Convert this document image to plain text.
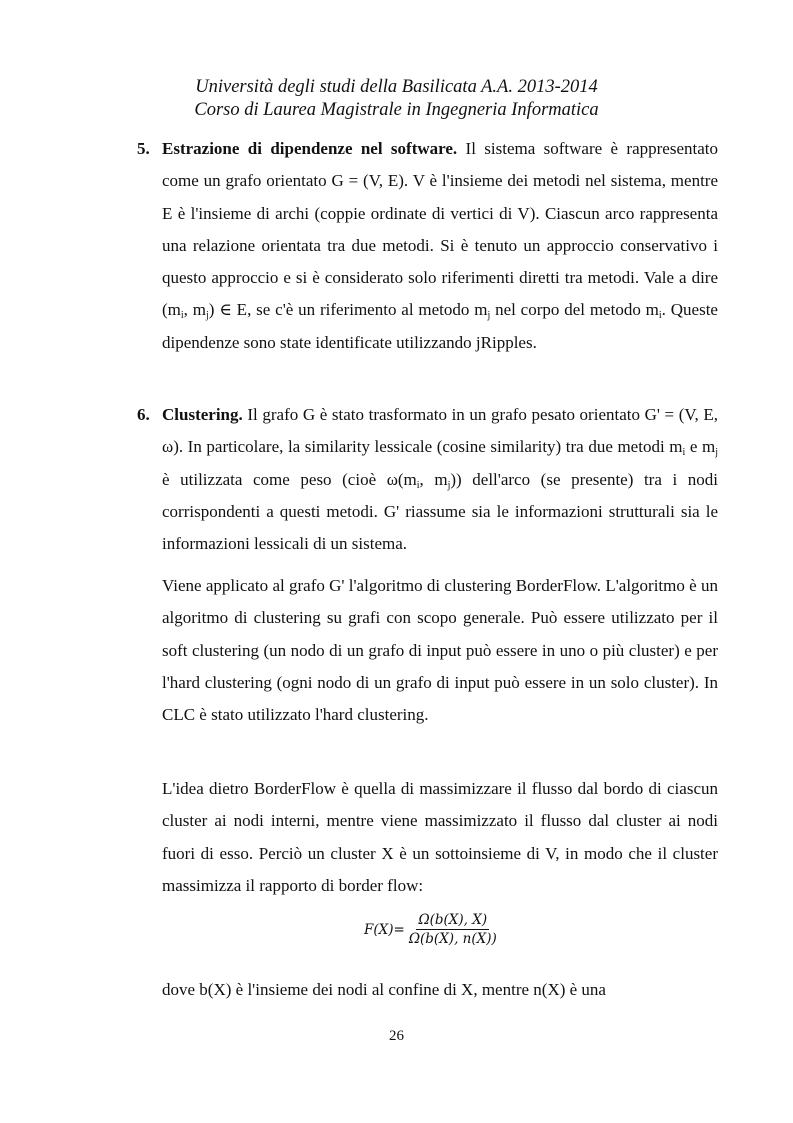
Università degli studi della Basilicata A.A. 2013-2014
Corso di Laurea Magistrale in Ingegneria Informatica
5. Estrazione di dipendenze nel software. Il sistema software è rappresentato come un grafo orientato G = (V, E). V è l'insieme dei metodi nel sistema, mentre E è l'insieme di archi (coppie ordinate di vertici di V). Ciascun arco rappresenta una relazione orientata tra due metodi. Si è tenuto un approccio conservativo i questo approccio e si è considerato solo riferimenti diretti tra metodi. Vale a dire ($m_i$, $m_j$) ∈ E, se c'è un riferimento al metodo $m_j$ nel corpo del metodo $m_i$. Queste dipendenze sono state identificate utilizzando jRipples.
6. Clustering. Il grafo G è stato trasformato in un grafo pesato orientato G' = (V, E, ω). In particolare, la similarity lessicale (cosine similarity) tra due metodi $m_i$ e $m_j$ è utilizzata come peso (cioè $\omega(m_i$, $m_j$)) dell'arco (se presente) tra i nodi corrispondenti a questi metodi. G' riassume sia le informazioni strutturali sia le informazioni lessicali di un sistema.
Viene applicato al grafo G' l'algoritmo di clustering BorderFlow. L'algoritmo è un algoritmo di clustering su grafi con scopo generale. Può essere utilizzato per il soft clustering (un nodo di un grafo di input può essere in uno o più cluster) e per l'hard clustering (ogni nodo di un grafo di input può essere in un solo cluster). In CLC è stato utilizzato l'hard clustering.
L'idea dietro BorderFlow è quella di massimizzare il flusso dal bordo di ciascun cluster ai nodi interni, mentre viene massimizzato il flusso dal cluster ai nodi fuori di esso. Perciò un cluster X è un sottoinsieme di V, in modo che il cluster massimizza il rapporto di border flow:
$F(X)= \frac{\Omega(b(X), X)}{\Omega(b(X), n(X))}$
dove b(X) è l'insieme dei nodi al confine di X, mentre n(X) è una
26
